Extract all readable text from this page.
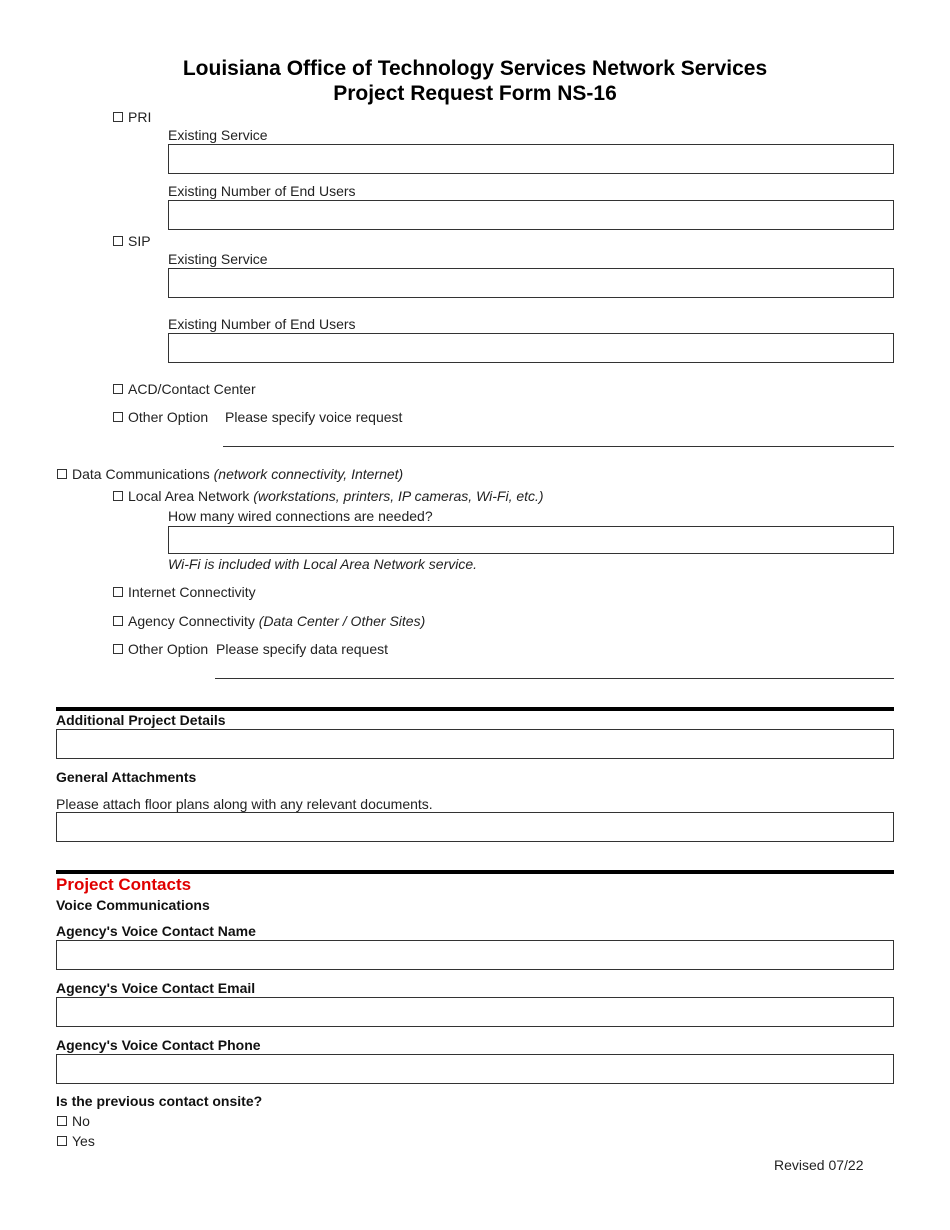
Louisiana Office of Technology Services Network Services
Project Request Form NS-16
PRI
Existing Service
Existing Number of End Users
SIP
Existing Service
Existing Number of End Users
ACD/Contact Center
Other Option Please specify voice request
Data Communications (network connectivity, Internet)
Local Area Network (workstations, printers, IP cameras, Wi-Fi, etc.)
How many wired connections are needed?
Wi-Fi is included with Local Area Network service.
Internet Connectivity
Agency Connectivity (Data Center / Other Sites)
Other Option Please specify data request
Additional Project Details
General Attachments
Please attach floor plans along with any relevant documents.
Project Contacts
Voice Communications
Agency's Voice Contact Name
Agency's Voice Contact Email
Agency's Voice Contact Phone
Is the previous contact onsite?
No
Yes
Revised 07/22
